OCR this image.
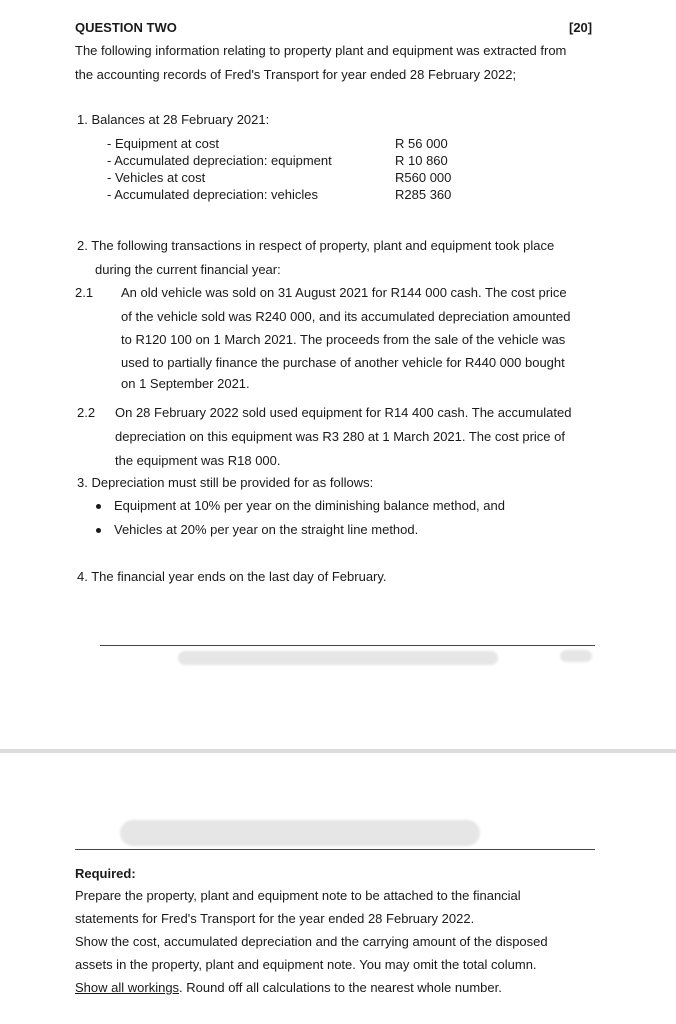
QUESTION TWO	[20]
The following information relating to property plant and equipment was extracted from
the accounting records of Fred's Transport for year ended 28 February 2022;
1. Balances at 28 February 2021:
- Equipment at cost	R 56 000
- Accumulated depreciation: equipment	R 10 860
- Vehicles at cost	R560 000
- Accumulated depreciation: vehicles	R285 360
2. The following transactions in respect of property, plant and equipment took place
during the current financial year:
2.1 An old vehicle was sold on 31 August 2021 for R144 000 cash. The cost price
of the vehicle sold was R240 000, and its accumulated depreciation amounted
to R120 100 on 1 March 2021. The proceeds from the sale of the vehicle was
used to partially finance the purchase of another vehicle for R440 000 bought
on 1 September 2021.
2.2 On 28 February 2022 sold used equipment for R14 400 cash. The accumulated
depreciation on this equipment was R3 280 at 1 March 2021. The cost price of
the equipment was R18 000.
3. Depreciation must still be provided for as follows:
Equipment at 10% per year on the diminishing balance method, and
Vehicles at 20% per year on the straight line method.
4. The financial year ends on the last day of February.
Required:
Prepare the property, plant and equipment note to be attached to the financial
statements for Fred's Transport for the year ended 28 February 2022.
Show the cost, accumulated depreciation and the carrying amount of the disposed
assets in the property, plant and equipment note. You may omit the total column.
Show all workings. Round off all calculations to the nearest whole number.
